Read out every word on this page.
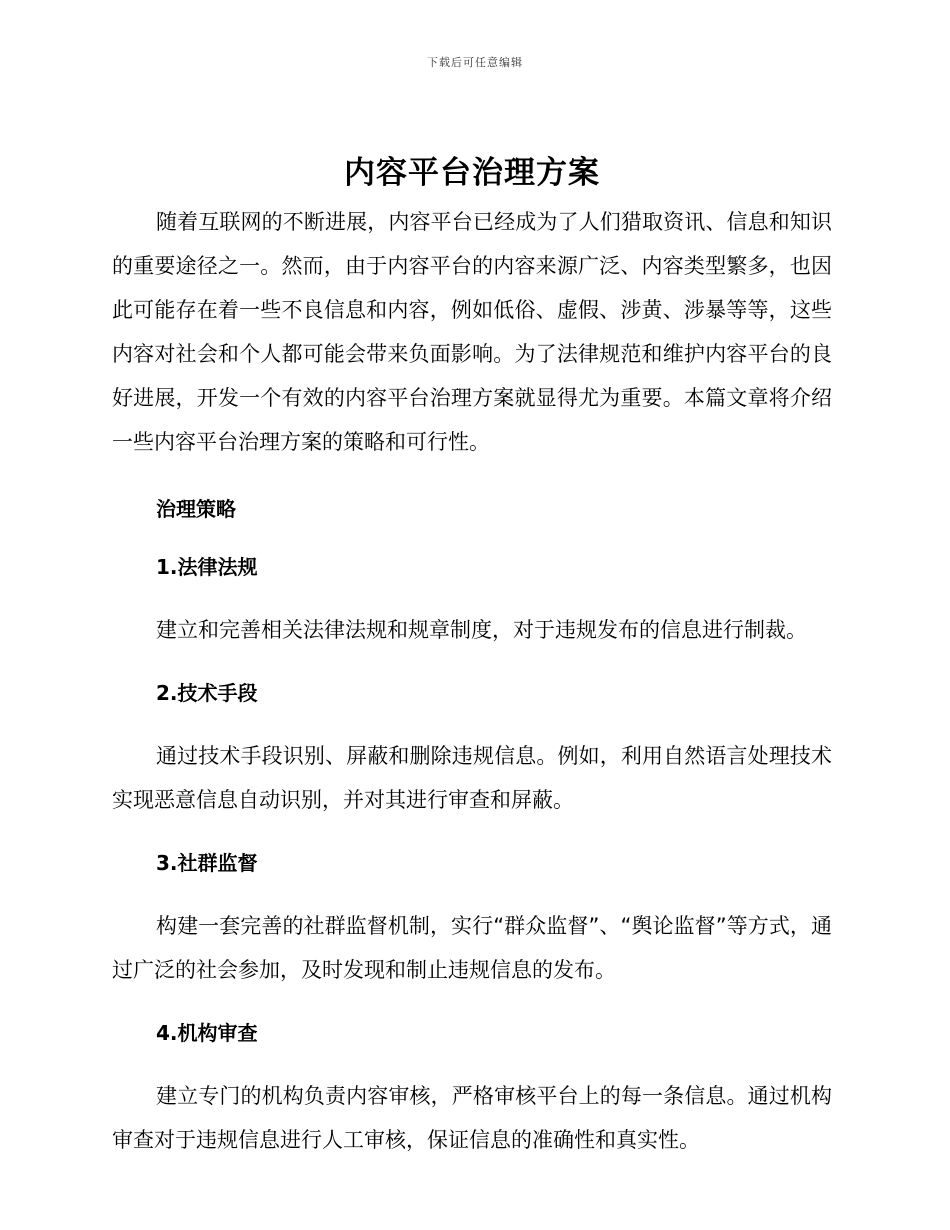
下载后可任意编辑
内容平台治理方案

随着互联网的不断进展，内容平台已经成为了人们猎取资讯、信息和知识的重要途径之一。然而，由于内容平台的内容来源广泛、内容类型繁多，也因此可能存在着一些不良信息和内容，例如低俗、虚假、涉黄、涉暴等等，这些内容对社会和个人都可能会带来负面影响。为了法律规范和维护内容平台的良好进展，开发一个有效的内容平台治理方案就显得尤为重要。本篇文章将介绍一些内容平台治理方案的策略和可行性。

治理策略
1.法律法规

建立和完善相关法律法规和规章制度，对于违规发布的信息进行制裁。

2.技术手段

通过技术手段识别、屏蔽和删除违规信息。例如，利用自然语言处理技术实现恶意信息自动识别，并对其进行审查和屏蔽。

3.社群监督

构建一套完善的社群监督机制，实行“群众监督”、“舆论监督”等方式，通过广泛的社会参加，及时发现和制止违规信息的发布。

4.机构审查

建立专门的机构负责内容审核，严格审核平台上的每一条信息。通过机构审查对于违规信息进行人工审核，保证信息的准确性和真实性。
